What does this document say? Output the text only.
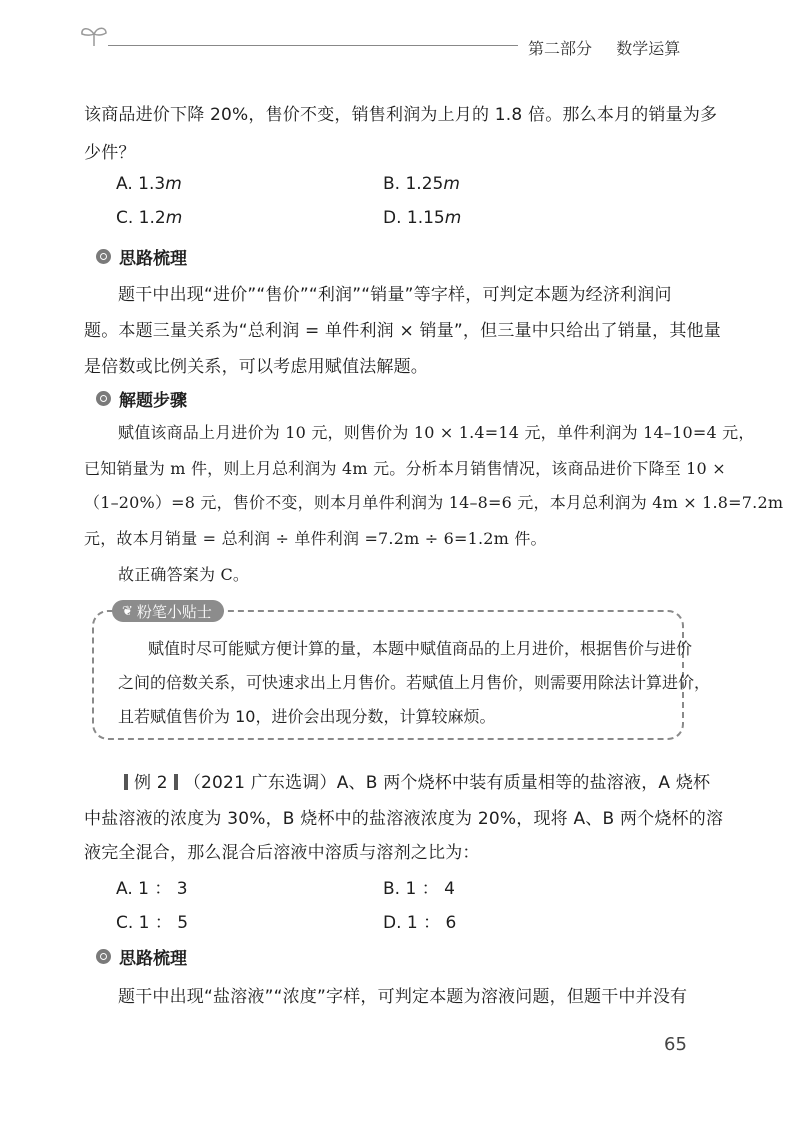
第二部分 数学运算
该商品进价下降 20%，售价不变，销售利润为上月的 1.8 倍。那么本月的销量为多
少件？
A. 1.3m	B. 1.25m
C. 1.2m	D. 1.15m
思路梳理
题干中出现“进价”“售价”“利润”“销量”等字样，可判定本题为经济利润问
题。本题三量关系为“总利润 = 单件利润 × 销量”，但三量中只给出了销量，其他量
是倍数或比例关系，可以考虑用赋值法解题。
解题步骤
赋值该商品上月进价为 10 元，则售价为 10 × 1.4=14 元，单件利润为 14–10=4 元，
已知销量为 m 件，则上月总利润为 4m 元。分析本月销售情况，该商品进价下降至 10 ×
（1–20%）=8 元，售价不变，则本月单件利润为 14–8=6 元，本月总利润为 4m × 1.8=7.2m
元，故本月销量 = 总利润 ÷ 单件利润 =7.2m ÷ 6=1.2m 件。
故正确答案为 C。
❦ 粉笔小贴士
赋值时尽可能赋方便计算的量，本题中赋值商品的上月进价，根据售价与进价
之间的倍数关系，可快速求出上月售价。若赋值上月售价，则需要用除法计算进价，
且若赋值售价为 10，进价会出现分数，计算较麻烦。
例 2 （2021 广东选调）A、B 两个烧杯中装有质量相等的盐溶液，A 烧杯
中盐溶液的浓度为 30%，B 烧杯中的盐溶液浓度为 20%，现将 A、B 两个烧杯的溶
液完全混合，那么混合后溶液中溶质与溶剂之比为：
A. 1 ： 3	B. 1 ： 4
C. 1 ： 5	D. 1 ： 6
思路梳理
题干中出现“盐溶液”“浓度”字样，可判定本题为溶液问题，但题干中并没有
65
